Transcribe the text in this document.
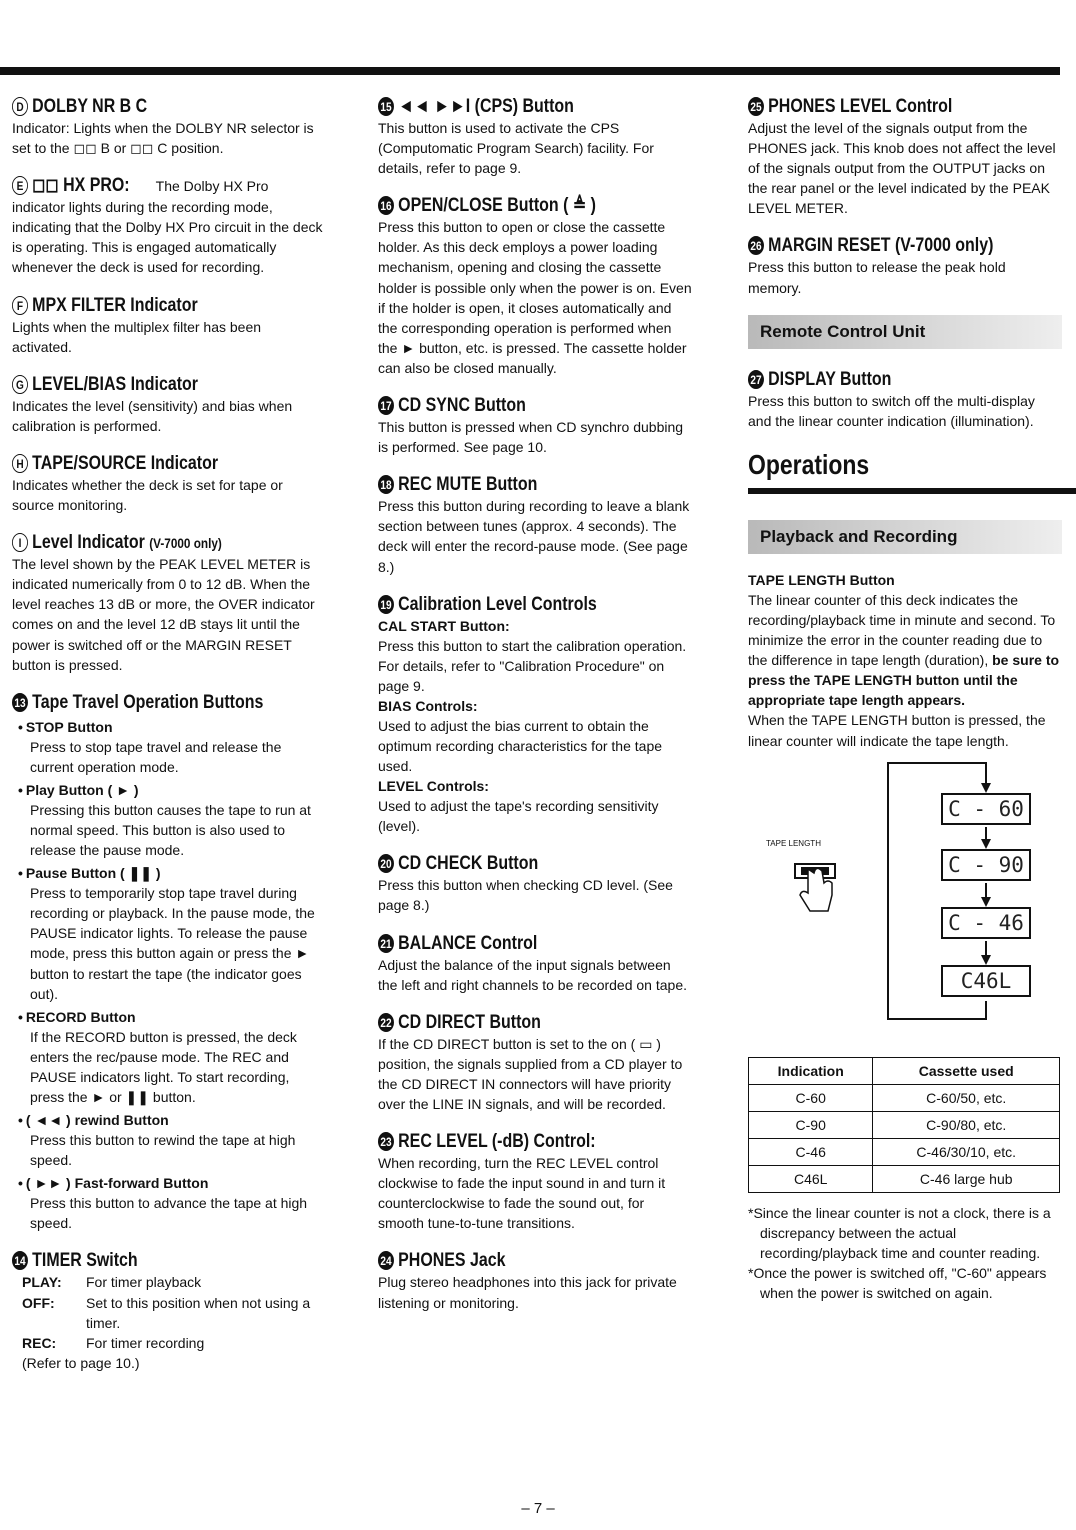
D DOLBY NR B C

Indicator: Lights when the DOLBY NR selector is set to the ◻◻ B or ◻◻ C position.

E ◻◻ HX PRO: The Dolby HX Pro indicator lights during the recording mode, indicating that the Dolby HX Pro circuit in the deck is operating. This is engaged automatically whenever the deck is used for recording.

F MPX FILTER Indicator

Lights when the multiplex filter has been activated.

G LEVEL/BIAS Indicator

Indicates the level (sensitivity) and bias when calibration is performed.

H TAPE/SOURCE Indicator

Indicates whether the deck is set for tape or source monitoring.

I Level Indicator (V-7000 only)

The level shown by the PEAK LEVEL METER is indicated numerically from 0 to 12 dB. When the level reaches 13 dB or more, the OVER indicator comes on and the level 12 dB stays lit until the power is switched off or the MARGIN RESET button is pressed.

13 Tape Travel Operation Buttons
• STOP Button

Press to stop tape travel and release the current operation mode.

• Play Button ( ► )

Pressing this button causes the tape to run at normal speed. This button is also used to release the pause mode.

• Pause Button ( ❚❚ )

Press to temporarily stop tape travel during recording or playback. In the pause mode, the PAUSE indicator lights. To release the pause mode, press this button again or press the ► button to restart the tape (the indicator goes out).

• RECORD Button

If the RECORD button is pressed, the deck enters the rec/pause mode. The REC and PAUSE indicators light. To start recording, press the ► or ❚❚ button.

• ( ◄◄ ) rewind Button

Press this button to rewind the tape at high speed.

• ( ►► ) Fast-forward Button

Press this button to advance the tape at high speed.

14 TIMER Switch
PLAY:	For timer playback
OFF:	Set to this position when not using a timer.
REC:	For timer recording

(Refer to page 10.)

15 ◄◄ ►►I (CPS) Button

This button is used to activate the CPS (Computomatic Program Search) facility. For details, refer to page 9.

16 OPEN/CLOSE Button ( ≜ )

Press this button to open or close the cassette holder. As this deck employs a power loading mechanism, opening and closing the cassette holder is possible only when the power is on. Even if the holder is open, it closes automatically and the corresponding operation is performed when the ► button, etc. is pressed. The cassette holder can also be closed manually.

17 CD SYNC Button

This button is pressed when CD synchro dubbing is performed. See page 10.

18 REC MUTE Button

Press this button during recording to leave a blank section between tunes (approx. 4 seconds). The deck will enter the record-pause mode. (See page 8.)

19 Calibration Level Controls
CAL START Button:

Press this button to start the calibration operation. For details, refer to "Calibration Procedure" on page 9.

BIAS Controls:

Used to adjust the bias current to obtain the optimum recording characteristics for the tape used.

LEVEL Controls:

Used to adjust the tape's recording sensitivity (level).

20 CD CHECK Button

Press this button when checking CD level. (See page 8.)

21 BALANCE Control

Adjust the balance of the input signals between the left and right channels to be recorded on tape.

22 CD DIRECT Button

If the CD DIRECT button is set to the on ( ▭ ) position, the signals supplied from a CD player to the CD DIRECT IN connectors will have priority over the LINE IN signals, and will be recorded.

23 REC LEVEL (-dB) Control:

When recording, turn the REC LEVEL control clockwise to fade the input sound in and turn it counterclockwise to fade the sound out, for smooth tune-to-tune transitions.

24 PHONES Jack

Plug stereo headphones into this jack for private listening or monitoring.

25 PHONES LEVEL Control

Adjust the level of the signals output from the PHONES jack. This knob does not affect the level of the signals output from the OUTPUT jacks on the rear panel or the level indicated by the PEAK LEVEL METER.

26 MARGIN RESET (V-7000 only)

Press this button to release the peak hold memory.

Remote Control Unit
27 DISPLAY Button

Press this button to switch off the multi-display and the linear counter indication (illumination).

Operations
Playback and Recording
TAPE LENGTH Button

The linear counter of this deck indicates the recording/playback time in minute and second. To minimize the error in the counter reading due to the difference in tape length (duration), be sure to press the TAPE LENGTH button until the appropriate tape length appears.

When the TAPE LENGTH button is pressed, the linear counter will indicate the tape length.

TAPE LENGTH
C - 60
C - 90
C - 46
C46L
Indication	Cassette used
C-60	C-60/50, etc.
C-90	C-90/80, etc.
C-46	C-46/30/10, etc.
C46L	C-46 large hub

*Since the linear counter is not a clock, there is a discrepancy between the actual recording/playback time and counter reading.

*Once the power is switched off, "C-60" appears when the power is switched on again.

– 7 –
